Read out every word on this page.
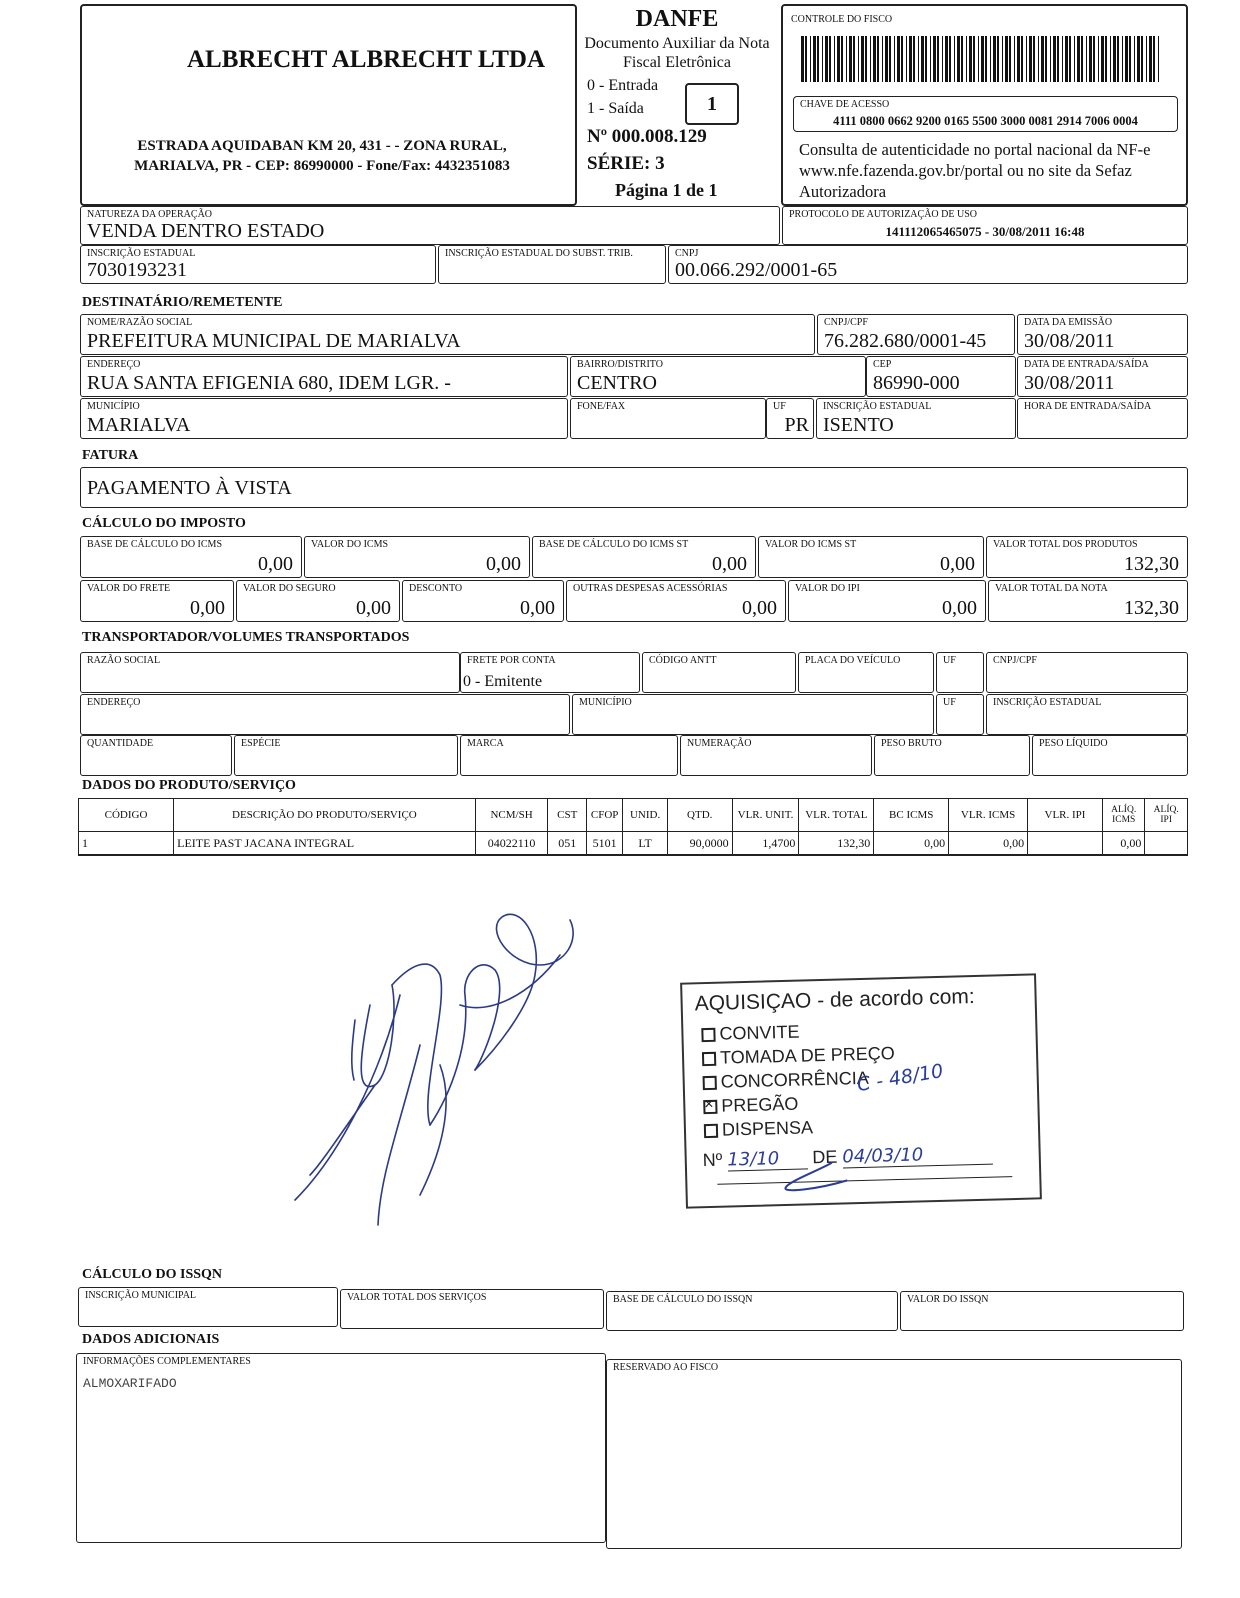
ALBRECHT ALBRECHT LTDA
ESTRADA AQUIDABAN KM 20, 431 - - ZONA RURAL,
MARIALVA, PR - CEP: 86990000 - Fone/Fax: 4432351083
DANFE
Documento Auxiliar da Nota
Fiscal Eletrônica
0 - Entrada
1 - Saída	1
Nº 000.008.129
SÉRIE: 3
Página 1 de 1
CONTROLE DO FISCO
CHAVE DE ACESSO
4111 0800 0662 9200 0165 5500 3000 0081 2914 7006 0004
Consulta de autenticidade no portal nacional da NF-e www.nfe.fazenda.gov.br/portal ou no site da Sefaz Autorizadora
NATUREZA DA OPERAÇÃO
VENDA DENTRO ESTADO
PROTOCOLO DE AUTORIZAÇÃO DE USO
141112065465075 - 30/08/2011 16:48
INSCRIÇÃO ESTADUAL
7030193231
INSCRIÇÃO ESTADUAL DO SUBST. TRIB.	CNPJ
00.066.292/0001-65
DESTINATÁRIO/REMETENTE
NOME/RAZÃO SOCIAL
PREFEITURA MUNICIPAL DE MARIALVA
CNPJ/CPF
76.282.680/0001-45
DATA DA EMISSÃO
30/08/2011
ENDEREÇO
RUA SANTA EFIGENIA 680, IDEM LGR. -
BAIRRO/DISTRITO
CENTRO
CEP
86990-000
DATA DE ENTRADA/SAÍDA
30/08/2011
MUNICÍPIO
MARIALVA
FONE/FAX	UF
PR
INSCRIÇÃO ESTADUAL
ISENTO
HORA DE ENTRADA/SAÍDA
FATURA
PAGAMENTO À VISTA
CÁLCULO DO IMPOSTO
BASE DE CÁLCULO DO ICMS
0,00
VALOR DO ICMS
0,00
BASE DE CÁLCULO DO ICMS ST
0,00
VALOR DO ICMS ST
0,00
VALOR TOTAL DOS PRODUTOS
132,30
VALOR DO FRETE
0,00
VALOR DO SEGURO
0,00
DESCONTO
0,00
OUTRAS DESPESAS ACESSÓRIAS
0,00
VALOR DO IPI
0,00
VALOR TOTAL DA NOTA
132,30
TRANSPORTADOR/VOLUMES TRANSPORTADOS
RAZÃO SOCIAL	FRETE POR CONTA
0 - Emitente
CÓDIGO ANTT	PLACA DO VEÍCULO	UF	CNPJ/CPF
ENDEREÇO	MUNICÍPIO	UF	INSCRIÇÃO ESTADUAL
QUANTIDADE	ESPÉCIE	MARCA	NUMERAÇÃO	PESO BRUTO	PESO LÍQUIDO
DADOS DO PRODUTO/SERVIÇO
CÓDIGO	DESCRIÇÃO DO PRODUTO/SERVIÇO	NCM/SH	CST	CFOP	UNID.	QTD.	VLR. UNIT.	VLR. TOTAL	BC ICMS	VLR. ICMS	VLR. IPI	ALÍQ. ICMS	ALÍQ. IPI
1	LEITE PAST JACANA INTEGRAL	04022110	051	5101	LT	90,0000	1,4700	132,30	0,00	0,00		0,00	
AQUISIÇAO - de acordo com:
CONVITE
TOMADA DE PREÇO
CONCORRÊNCIA
×
PREGÃO
DISPENSA
C - 48/10
Nº 13/10 DE 04/03/10
CÁLCULO DO ISSQN
INSCRIÇÃO MUNICIPAL	VALOR TOTAL DOS SERVIÇOS	BASE DE CÁLCULO DO ISSQN	VALOR DO ISSQN
DADOS ADICIONAIS
INFORMAÇÕES COMPLEMENTARES
ALMOXARIFADO
RESERVADO AO FISCO
